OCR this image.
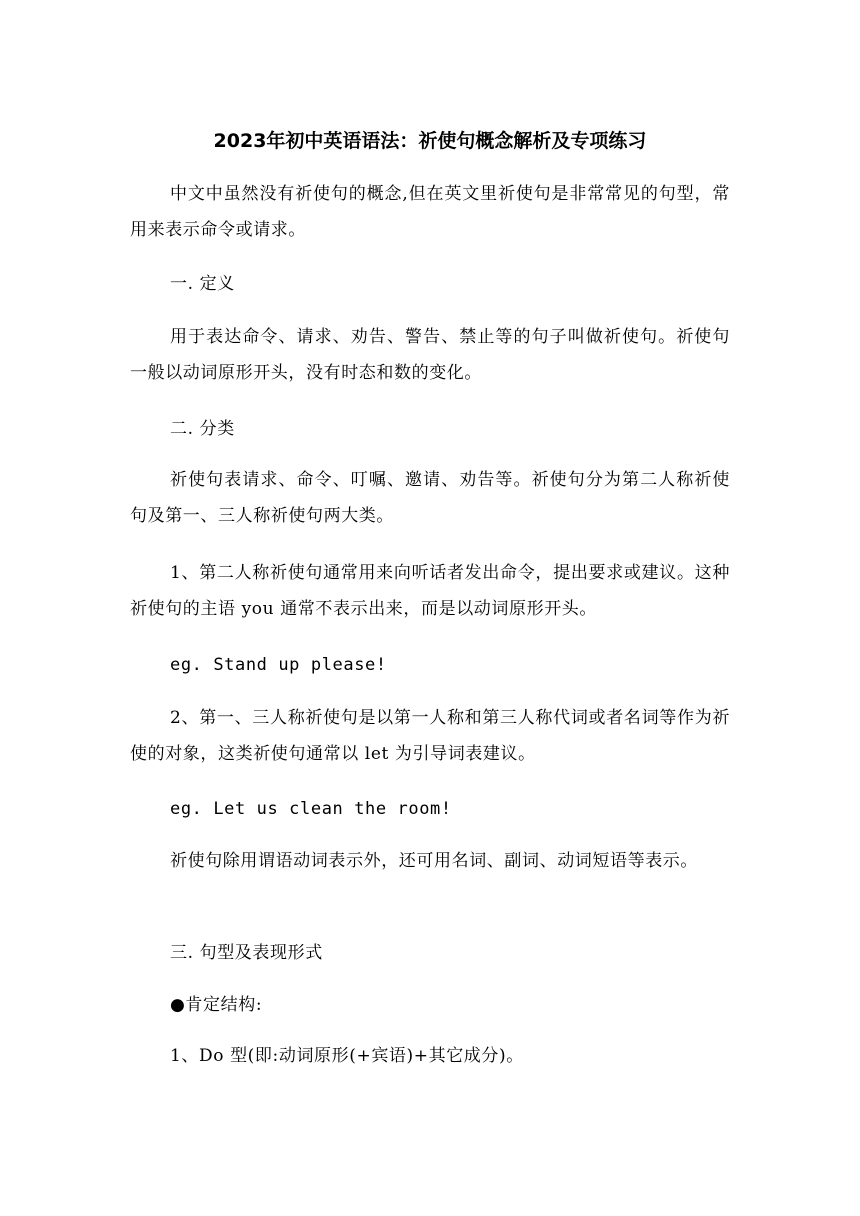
2023年初中英语语法：祈使句概念解析及专项练习

中文中虽然没有祈使句的概念,但在英文里祈使句是非常常见的句型，常用来表示命令或请求。

一. 定义

用于表达命令、请求、劝告、警告、禁止等的句子叫做祈使句。祈使句一般以动词原形开头，没有时态和数的变化。

二. 分类

祈使句表请求、命令、叮嘱、邀请、劝告等。祈使句分为第二人称祈使句及第一、三人称祈使句两大类。

1、第二人称祈使句通常用来向听话者发出命令，提出要求或建议。这种祈使句的主语 you 通常不表示出来，而是以动词原形开头。

eg. Stand up please!

2、第一、三人称祈使句是以第一人称和第三人称代词或者名词等作为祈使的对象，这类祈使句通常以 let 为引导词表建议。

eg. Let us clean the room!

祈使句除用谓语动词表示外，还可用名词、副词、动词短语等表示。

三. 句型及表现形式

●肯定结构:

1、Do 型(即:动词原形(+宾语)+其它成分)。
